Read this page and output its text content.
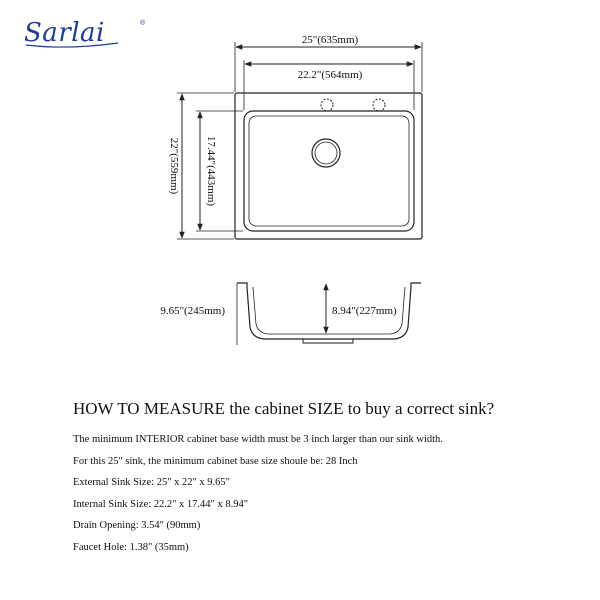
Sarlai	®
25"(635mm)
22.2"(564mm)
22"(559mm) 17.44"(443mm)
9.65"(245mm)	8.94"(227mm)
HOW TO MEASURE the cabinet SIZE to buy a correct sink?
The minimum INTERIOR cabinet base width must be 3 inch larger than our sink width.
For this 25" sink, the minimum cabinet base size shoule be: 28 Inch
External Sink Size: 25" x 22" x 9.65"
Internal Sink Size: 22.2" x 17.44" x 8.94"
Drain Opening: 3.54" (90mm)
Faucet Hole: 1.38" (35mm)
